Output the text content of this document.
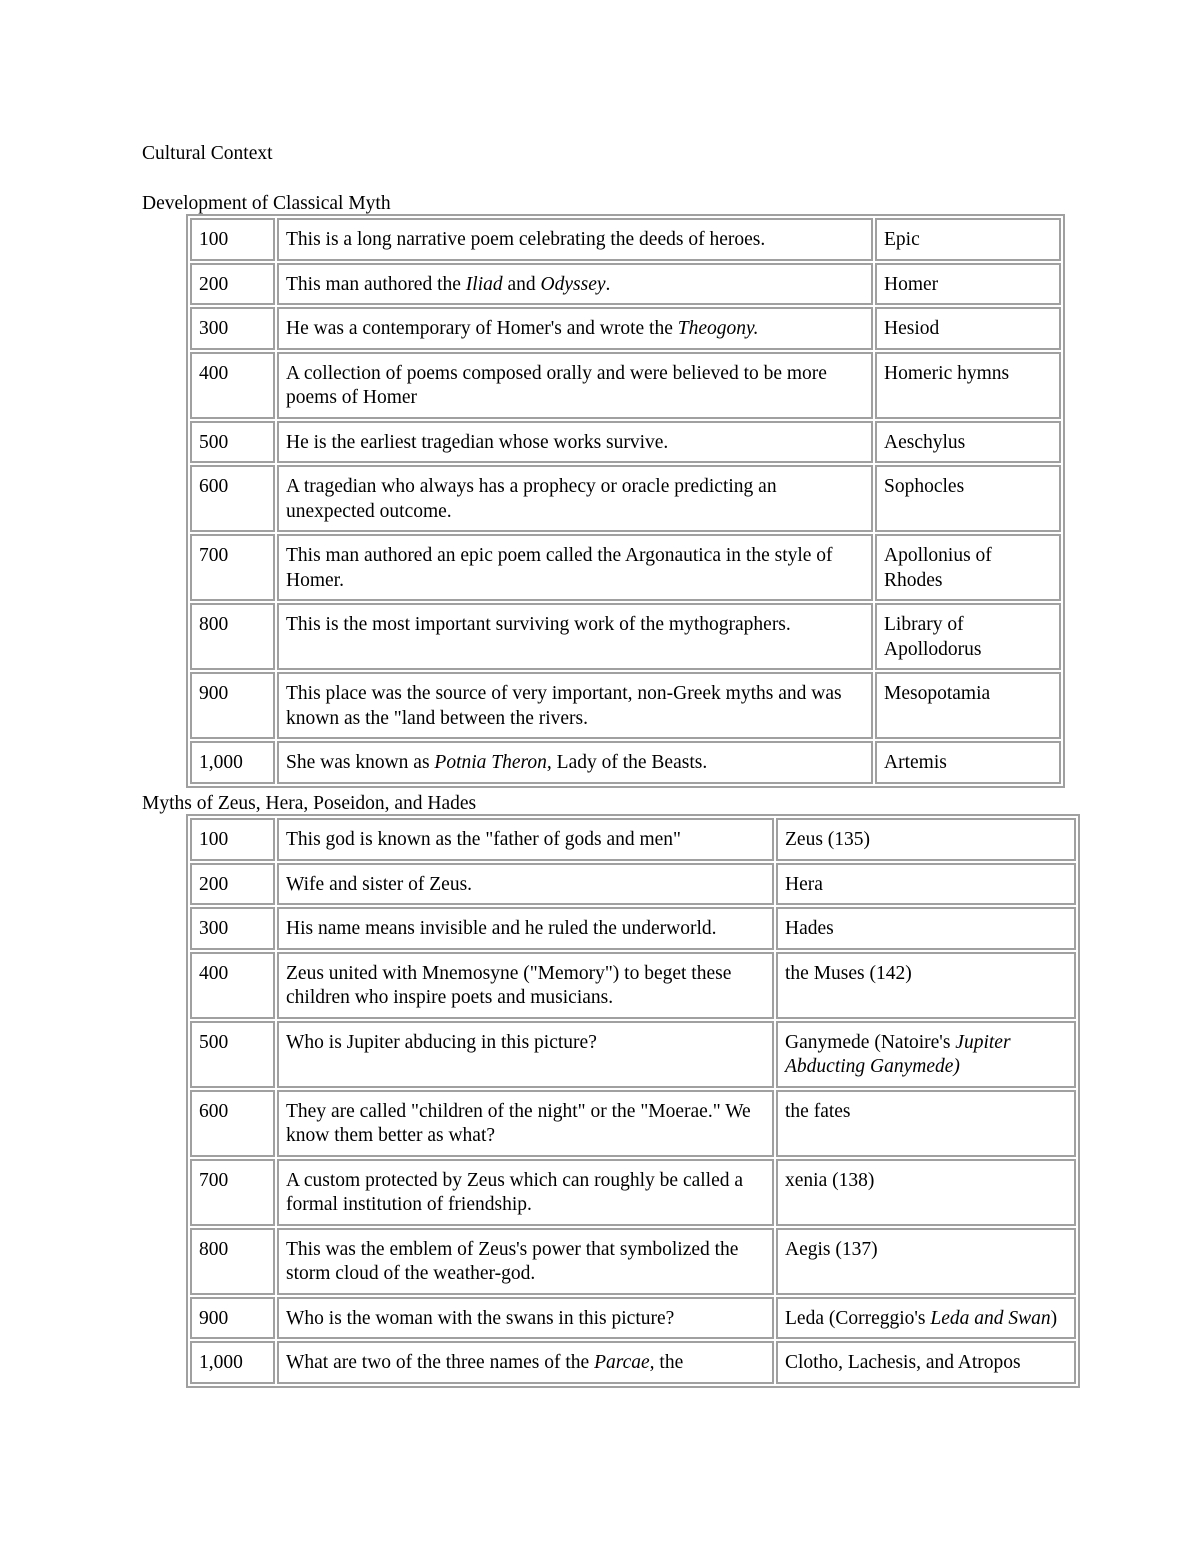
Cultural Context
Development of Classical Myth
100	This is a long narrative poem celebrating the deeds of heroes.	Epic
200	This man authored the Iliad and Odyssey.	Homer
300	He was a contemporary of Homer's and wrote the Theogony.	Hesiod
400	A collection of poems composed orally and were believed to be more poems of Homer	Homeric hymns
500	He is the earliest tragedian whose works survive.	Aeschylus
600	A tragedian who always has a prophecy or oracle predicting an unexpected outcome.	Sophocles
700	This man authored an epic poem called the Argonautica in the style of Homer.	Apollonius of Rhodes
800	This is the most important surviving work of the mythographers.	Library of Apollodorus
900	This place was the source of very important, non-Greek myths and was known as the "land between the rivers.	Mesopotamia
1,000	She was known as Potnia Theron, Lady of the Beasts.	Artemis
Myths of Zeus, Hera, Poseidon, and Hades
100	This god is known as the "father of gods and men"	Zeus (135)
200	Wife and sister of Zeus.	Hera
300	His name means invisible and he ruled the underworld.	Hades
400	Zeus united with Mnemosyne ("Memory") to beget these children who inspire poets and musicians.	the Muses (142)
500	Who is Jupiter abducing in this picture?	Ganymede (Natoire's Jupiter Abducting Ganymede)
600	They are called "children of the night" or the "Moerae." We know them better as what?	the fates
700	A custom protected by Zeus which can roughly be called a formal institution of friendship.	xenia (138)
800	This was the emblem of Zeus's power that symbolized the storm cloud of the weather-god.	Aegis (137)
900	Who is the woman with the swans in this picture?	Leda (Correggio's Leda and Swan)
1,000	What are two of the three names of the Parcae, the	Clotho, Lachesis, and Atropos
